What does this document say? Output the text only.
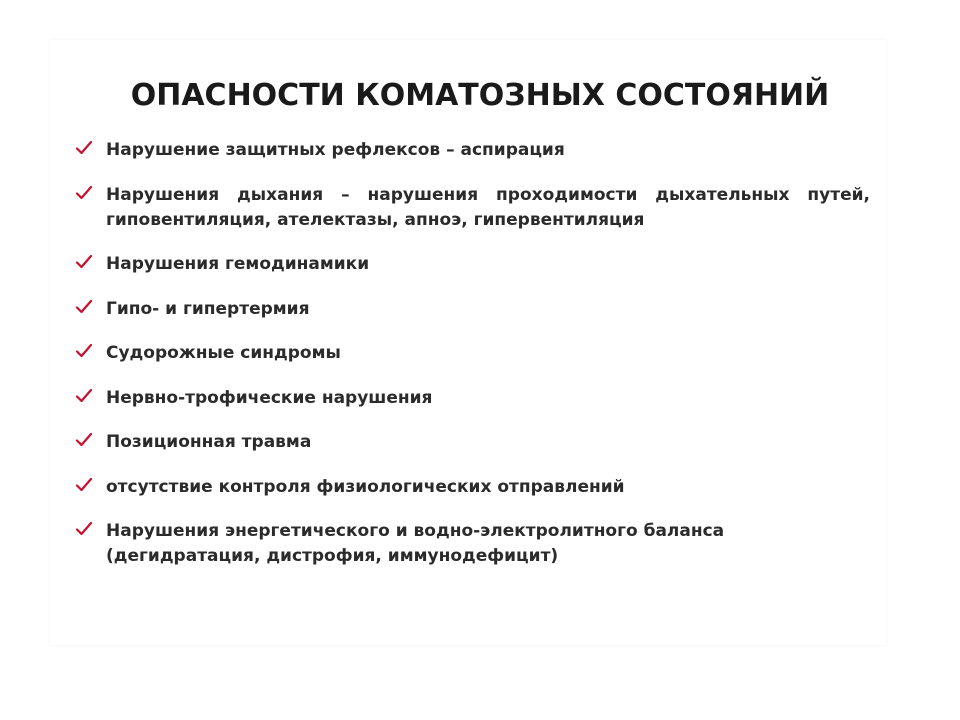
ОПАСНОСТИ КОМАТОЗНЫХ СОСТОЯНИЙ
Нарушение защитных рефлексов – аспирация
Нарушения дыхания – нарушения проходимости дыхательных путей, гиповентиляция, ателектазы, апноэ, гипервентиляция
Нарушения гемодинамики
Гипо- и гипертермия
Судорожные синдромы
Нервно-трофические нарушения
Позиционная травма
отсутствие контроля физиологических отправлений
Нарушения энергетического и водно-электролитного баланса (дегидратация, дистрофия, иммунодефицит)
